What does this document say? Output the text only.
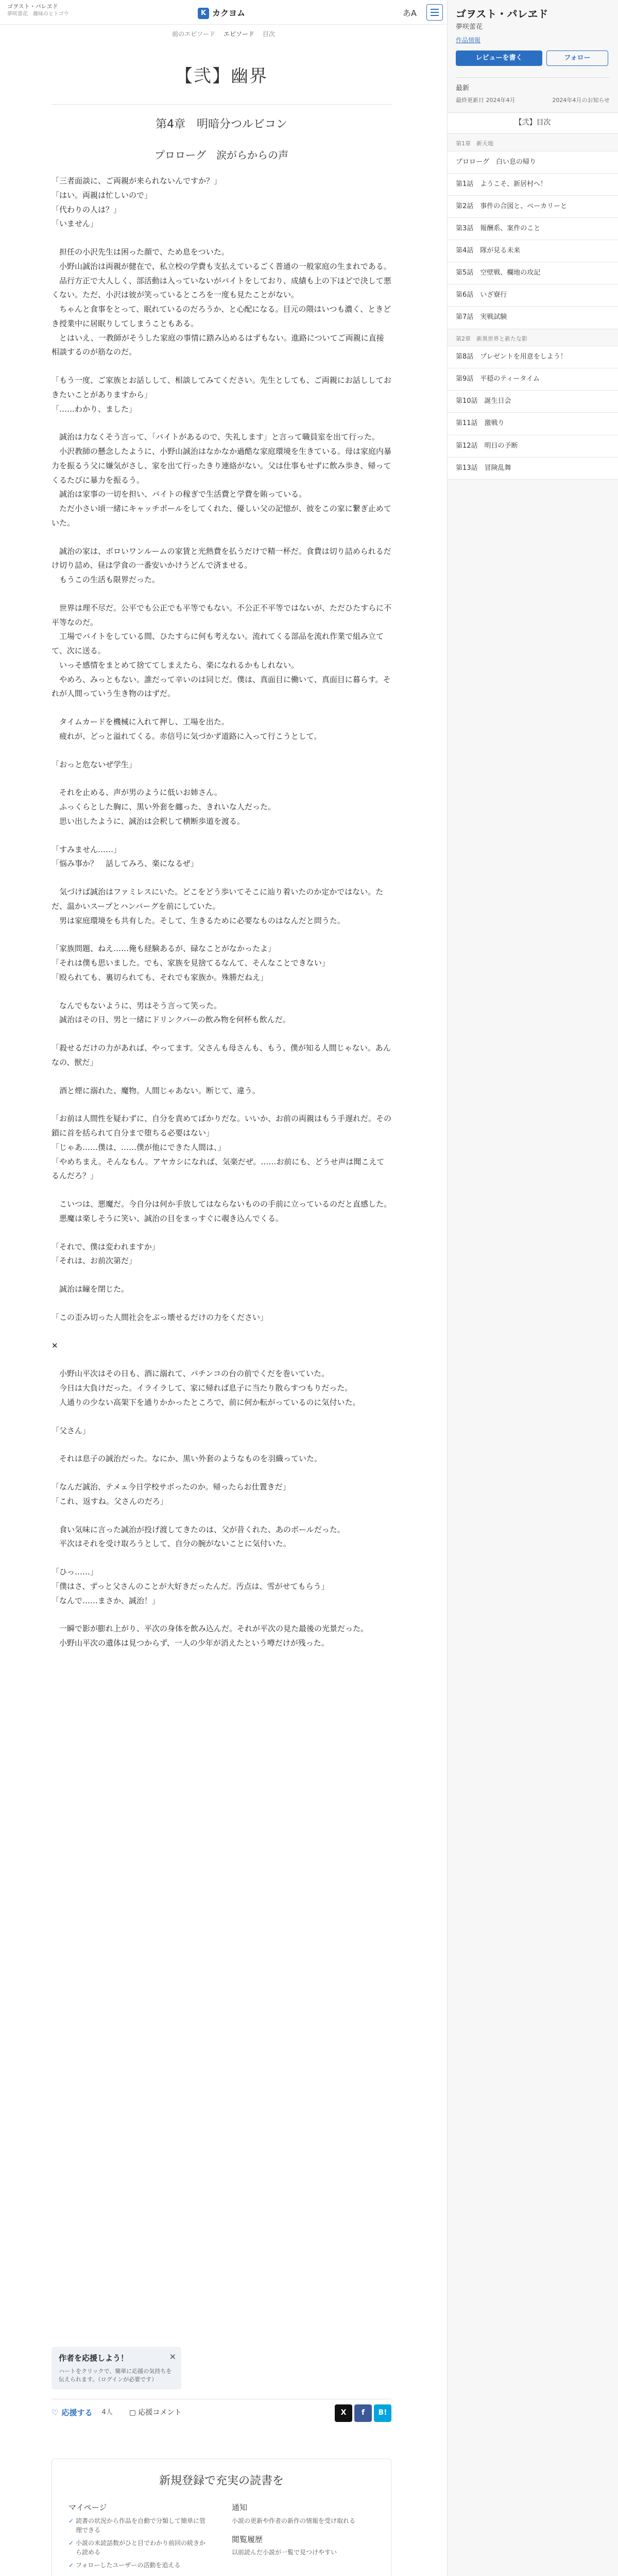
ゴヲスト・パレヱド
夢咲蕾花　趣味のヒトゴウ	K カクヨム	あA
前のエピソード エピソード 目次
【弐】幽界
第4章　明暗分つルビコン
プロローグ　涙がらからの声

「三者面談に、ご両親が来られないんですか？」

「はい。両親は忙しいので」

「代わりの人は？」

「いません」

　担任の小沢先生は困った顔で、ため息をついた。

　小野山誠治は両親が健在で、私立校の学費も支払えているごく普通の一般家庭の生まれである。

　品行方正で大人しく、部活動は入っていないがバイトをしており、成績も上の下ほどで決して悪くない。ただ、小沢は彼が笑っているところを一度も見たことがない。

　ちゃんと食事をとって、眠れているのだろうか、と心配になる。目元の隈はいつも濃く、ときどき授業中に居眠りしてしまうこともある。

　とはいえ、一教師がそうした家庭の事情に踏み込めるはずもない。進路についてご両親に直接相談するのが筋なのだ。

「もう一度、ご家族とお話しして、相談してみてください。先生としても、ご両親にお話ししておきたいことがありますから」

「……わかり、ました」

　誠治は力なくそう言って、「バイトがあるので、失礼します」と言って職員室を出て行った。

　小沢教師の懸念したように、小野山誠治はなかなか過酷な家庭環境を生きている。母は家庭内暴力を振るう父に嫌気がさし、家を出て行ったきり連絡がない。父は仕事もせずに飲み歩き、帰ってくるたびに暴力を振るう。

　誠治は家事の一切を担い、バイトの稼ぎで生活費と学費を賄っている。

　ただ小さい頃一緒にキャッチボールをしてくれた、優しい父の記憶が、彼をこの家に繋ぎ止めていた。

　誠治の家は、ボロいワンルームの家賃と光熱費を払うだけで精一杯だ。食費は切り詰められるだけ切り詰め、昼は学食の一番安いかけうどんで済ませる。

　もうこの生活も限界だった。

　世界は理不尽だ。公平でも公正でも平等でもない。不公正不平等ではないが、ただひたすらに不平等なのだ。

　工場でバイトをしている間、ひたすらに何も考えない。流れてくる部品を流れ作業で組み立てて、次に送る。

　いっそ感情をまとめて捨ててしまえたら、楽になれるかもしれない。

　やめろ、みっともない。誰だって辛いのは同じだ。僕は、真面目に働いて、真面目に暮らす。それが人間っていう生き物のはずだ。

　タイムカードを機械に入れて押し、工場を出た。

　疲れが、どっと溢れてくる。赤信号に気づかず道路に入って行こうとして。

「おっと危ないぜ学生」

　それを止める、声が男のように低いお姉さん。

　ふっくらとした胸に、黒い外套を纏った、きれいな人だった。

　思い出したように、誠治は会釈して横断歩道を渡る。

「すみません……」

「悩み事か？　話してみろ、楽になるぜ」

　気づけば誠治はファミレスにいた。どこをどう歩いてそこに辿り着いたのか定かではない。ただ、温かいスープとハンバーグを前にしていた。

　男は家庭環境をも共有した。そして、生きるために必要なものはなんだと問うた。

「家族問題、ねえ……俺も経験あるが、碌なことがなかったよ」

「それは僕も思いました。でも、家族を見捨てるなんて、そんなことできない」

「殴られても、裏切られても、それでも家族か。殊勝だねえ」

　なんでもないように、男はそう言って笑った。

　誠治はその日、男と一緒にドリンクバーの飲み物を何杯も飲んだ。

「殺せるだけの力があれば、やってます。父さんも母さんも、もう、僕が知る人間じゃない。あんなの、獣だ」

　酒と煙に溺れた、魔物。人間じゃあない。断じて、違う。

「お前は人間性を疑わずに、自分を責めてばかりだな。いいか、お前の両親はもう手遅れだ。その鎖に首を括られて自分まで堕ちる必要はない」

「じゃあ……僕は、……僕が他にできた人間は、」

「やめちまえ。そんなもん。アヤカシになれば、気楽だぜ。……お前にも、どうせ声は聞こえてるんだろ？」

　こいつは、悪魔だ。今自分は何か手放してはならないものの手前に立っているのだと直感した。

　悪魔は楽しそうに笑い、誠治の目をまっすぐに覗き込んでくる。

「それで、僕は変われますか」

「それは、お前次第だ」

　誠治は瞳を閉じた。

「この歪み切った人間社会をぶっ壊せるだけの力をください」

✕

　小野山平次はその日も、酒に溺れて、パチンコの台の前でくだを巻いていた。

　今日は大負けだった。イライラして、家に帰れば息子に当たり散らすつもりだった。

　人通りの少ない高架下を通りかかったところで、前に何か転がっているのに気付いた。

「父さん」

　それは息子の誠治だった。なにか、黒い外套のようなものを羽織っていた。

「なんだ誠治、テメェ今日学校サボったのか。帰ったらお仕置きだ」

「これ、返すね。父さんのだろ」

　食い気味に言った誠治が投げ渡してきたのは、父が昔くれた、あのボールだった。

　平次はそれを受け取ろうとして、自分の腕がないことに気付いた。

「ひっ……」

「僕はさ、ずっと父さんのことが大好きだったんだ。汚点は、雪がせてもらう」

「なんで……まさか、誠治！」

　一瞬で影が膨れ上がり、平次の身体を飲み込んだ。それが平次の見た最後の光景だった。

　小野山平次の遺体は見つからず、一人の少年が消えたという噂だけが残った。

作者を応援しよう！
ハートをクリックで、簡単に応援の気持ちを伝えられます。（ログインが必要です）
✕
♡ 応援する 4人 ▢ 応援コメント	X	f	B!
新規登録で充実の読書を
マイページ
✓ 読書の状況から作品を自動で分類して簡単に管理できる
✓ 小説の未読話数がひと目でわかり前回の続きから読める
✓ フォローしたユーザーの活動を追える
通知
小説の更新や作者の新作の情報を受け取れる
閲覧履歴
以前読んだ小説が一覧で見つけやすい
ゴヲスト・パレヱド
夢咲蕾花
作品情報
レビューを書く	フォロー
最新
最終更新日 2024年4月	2024年4月のお知らせ
【弐】目次
第1章　新天地
プロローグ　白い息の帰り
第1話　ようこそ、新居村へ！
第2話　事件の合図と、ベーカリーと
第3話　報酬系、案件のこと
第4話　隊が見る未来
第5話　空壁戦、欄地の攻記
第6話　いざ寮行
第7話　実戦試験
第2章　新異世界と新たな影
第8話　プレゼントを用意をしよう！
第9話　平穏のティータイム
第10話　誕生日会
第11話　激戦り
第12話　明日の予断
第13話　冒険乱舞
